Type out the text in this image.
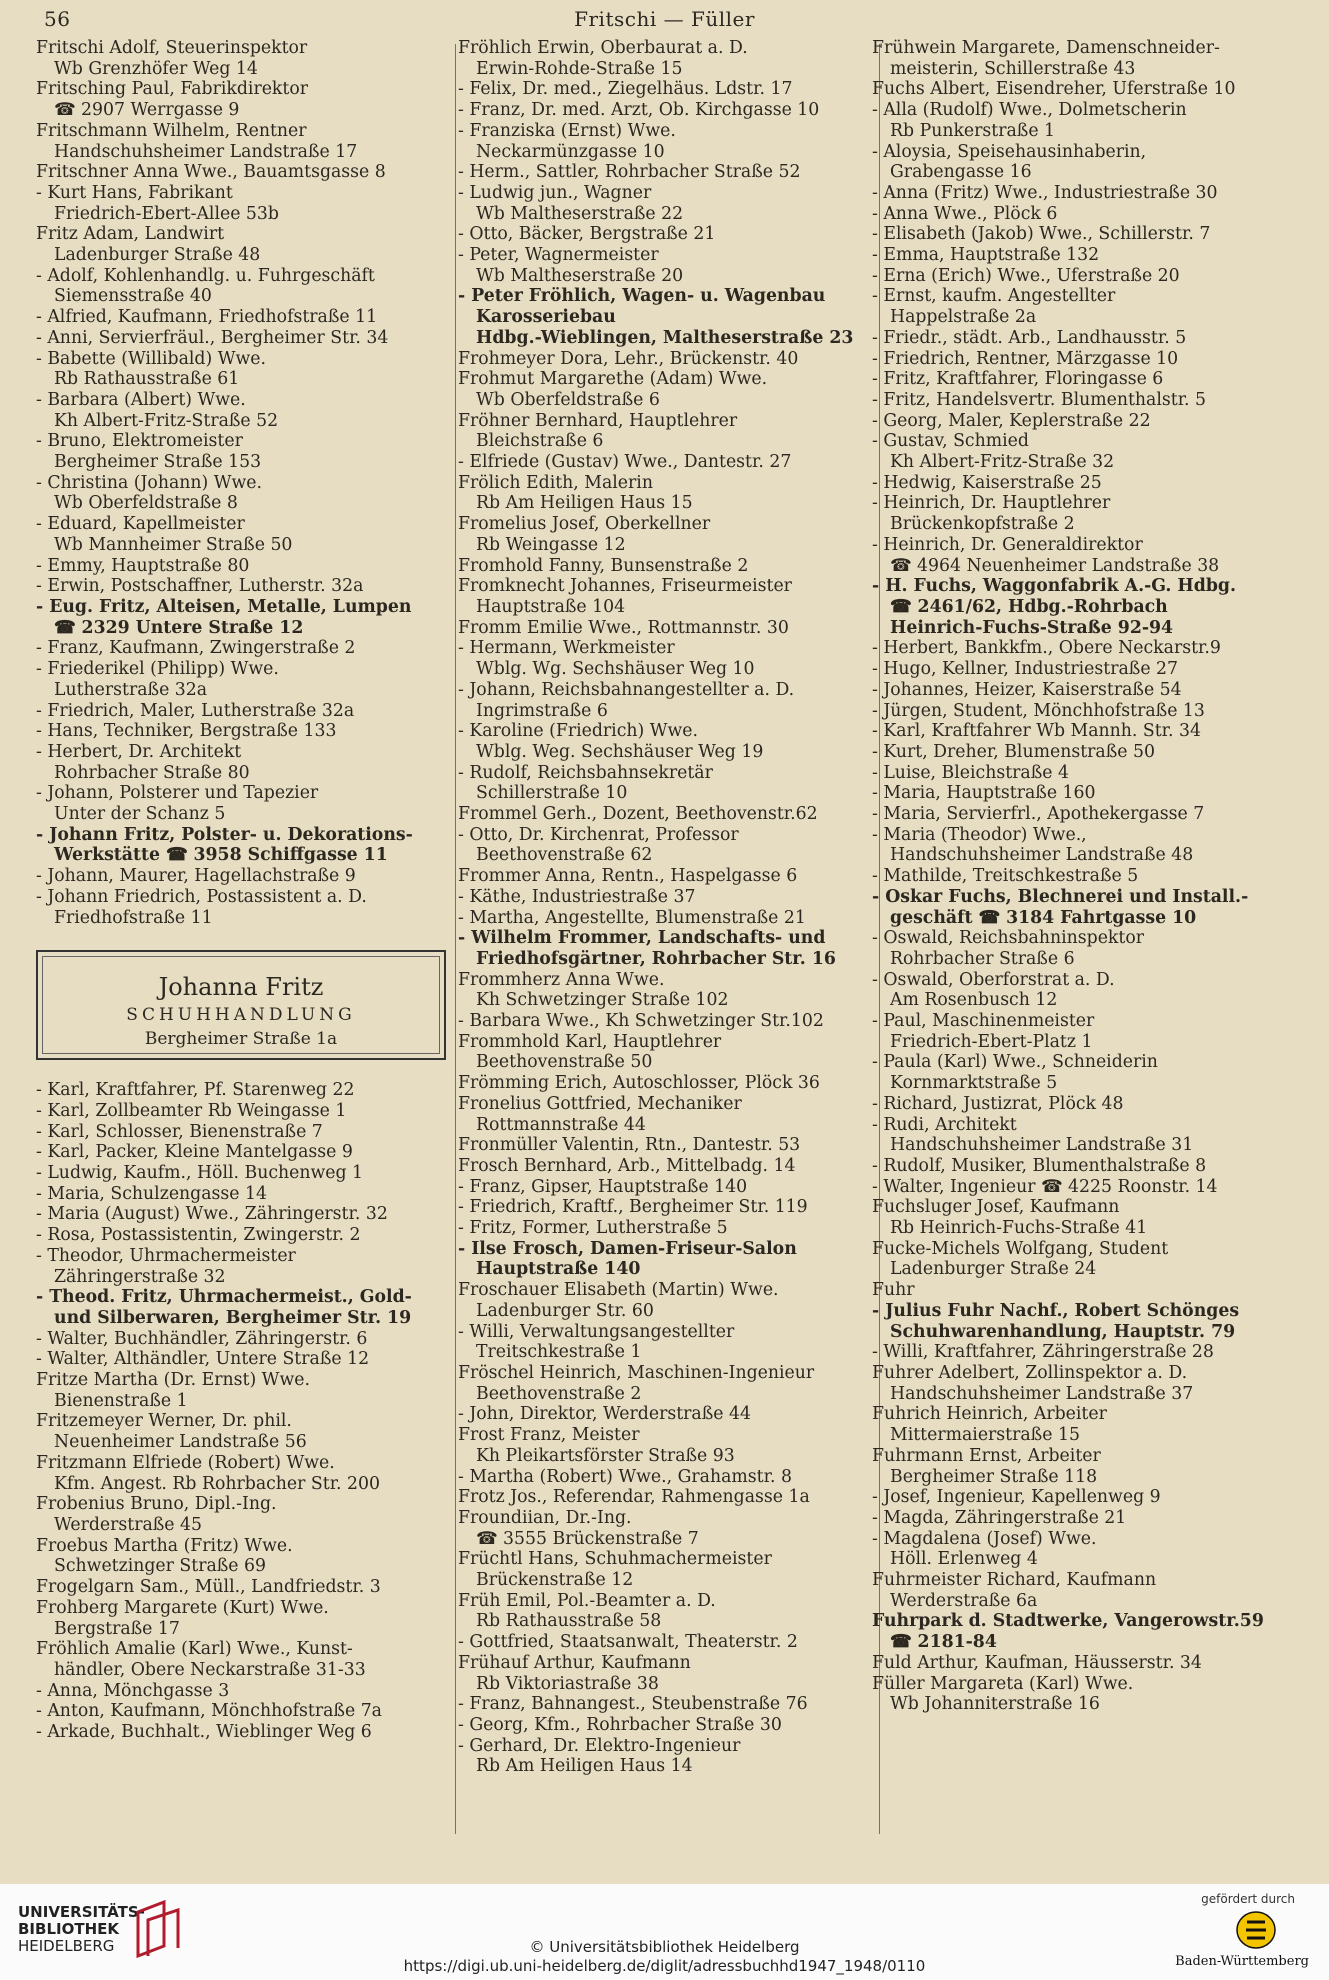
56	Fritschi — Füller
Fritschi Adolf, Steuerinspektor
Wb Grenzhöfer Weg 14
Fritsching Paul, Fabrikdirektor
☎ 2907 Werrgasse 9
Fritschmann Wilhelm, Rentner
Handschuhsheimer Landstraße 17
Fritschner Anna Wwe., Bauamtsgasse 8
- Kurt Hans, Fabrikant
Friedrich-Ebert-Allee 53b
Fritz Adam, Landwirt
Ladenburger Straße 48
- Adolf, Kohlenhandlg. u. Fuhrgeschäft
Siemensstraße 40
- Alfried, Kaufmann, Friedhofstraße 11
- Anni, Servierfräul., Bergheimer Str. 34
- Babette (Willibald) Wwe.
Rb Rathausstraße 61
- Barbara (Albert) Wwe.
Kh Albert-Fritz-Straße 52
- Bruno, Elektromeister
Bergheimer Straße 153
- Christina (Johann) Wwe.
Wb Oberfeldstraße 8
- Eduard, Kapellmeister
Wb Mannheimer Straße 50
- Emmy, Hauptstraße 80
- Erwin, Postschaffner, Lutherstr. 32a
- Eug. Fritz, Alteisen, Metalle, Lumpen
☎ 2329 Untere Straße 12
- Franz, Kaufmann, Zwingerstraße 2
- Friederikel (Philipp) Wwe.
Lutherstraße 32a
- Friedrich, Maler, Lutherstraße 32a
- Hans, Techniker, Bergstraße 133
- Herbert, Dr. Architekt
Rohrbacher Straße 80
- Johann, Polsterer und Tapezier
Unter der Schanz 5
- Johann Fritz, Polster- u. Dekorations-
Werkstätte ☎ 3958 Schiffgasse 11
- Johann, Maurer, Hagellachstraße 9
- Johann Friedrich, Postassistent a. D.
Friedhofstraße 11
Johanna Fritz
SCHUHHANDLUNG
Bergheimer Straße 1a
- Karl, Kraftfahrer, Pf. Starenweg 22
- Karl, Zollbeamter Rb Weingasse 1
- Karl, Schlosser, Bienenstraße 7
- Karl, Packer, Kleine Mantelgasse 9
- Ludwig, Kaufm., Höll. Buchenweg 1
- Maria, Schulzengasse 14
- Maria (August) Wwe., Zähringerstr. 32
- Rosa, Postassistentin, Zwingerstr. 2
- Theodor, Uhrmachermeister
Zähringerstraße 32
- Theod. Fritz, Uhrmachermeist., Gold-
und Silberwaren, Bergheimer Str. 19
- Walter, Buchhändler, Zähringerstr. 6
- Walter, Althändler, Untere Straße 12
Fritze Martha (Dr. Ernst) Wwe.
Bienenstraße 1
Fritzemeyer Werner, Dr. phil.
Neuenheimer Landstraße 56
Fritzmann Elfriede (Robert) Wwe.
Kfm. Angest. Rb Rohrbacher Str. 200
Frobenius Bruno, Dipl.-Ing.
Werderstraße 45
Froebus Martha (Fritz) Wwe.
Schwetzinger Straße 69
Frogelgarn Sam., Müll., Landfriedstr. 3
Frohberg Margarete (Kurt) Wwe.
Bergstraße 17
Fröhlich Amalie (Karl) Wwe., Kunst-
händler, Obere Neckarstraße 31-33
- Anna, Mönchgasse 3
- Anton, Kaufmann, Mönchhofstraße 7a
- Arkade, Buchhalt., Wieblinger Weg 6
Fröhlich Erwin, Oberbaurat a. D.
Erwin-Rohde-Straße 15
- Felix, Dr. med., Ziegelhäus. Ldstr. 17
- Franz, Dr. med. Arzt, Ob. Kirchgasse 10
- Franziska (Ernst) Wwe.
Neckarmünzgasse 10
- Herm., Sattler, Rohrbacher Straße 52
- Ludwig jun., Wagner
Wb Maltheserstraße 22
- Otto, Bäcker, Bergstraße 21
- Peter, Wagnermeister
Wb Maltheserstraße 20
- Peter Fröhlich, Wagen- u. Wagenbau
Karosseriebau
Hdbg.-Wieblingen, Maltheserstraße 23
Frohmeyer Dora, Lehr., Brückenstr. 40
Frohmut Margarethe (Adam) Wwe.
Wb Oberfeldstraße 6
Fröhner Bernhard, Hauptlehrer
Bleichstraße 6
- Elfriede (Gustav) Wwe., Dantestr. 27
Frölich Edith, Malerin
Rb Am Heiligen Haus 15
Fromelius Josef, Oberkellner
Rb Weingasse 12
Fromhold Fanny, Bunsenstraße 2
Fromknecht Johannes, Friseurmeister
Hauptstraße 104
Fromm Emilie Wwe., Rottmannstr. 30
- Hermann, Werkmeister
Wblg. Wg. Sechshäuser Weg 10
- Johann, Reichsbahnangestellter a. D.
Ingrimstraße 6
- Karoline (Friedrich) Wwe.
Wblg. Weg. Sechshäuser Weg 19
- Rudolf, Reichsbahnsekretär
Schillerstraße 10
Frommel Gerh., Dozent, Beethovenstr.62
- Otto, Dr. Kirchenrat, Professor
Beethovenstraße 62
Frommer Anna, Rentn., Haspelgasse 6
- Käthe, Industriestraße 37
- Martha, Angestellte, Blumenstraße 21
- Wilhelm Frommer, Landschafts- und
Friedhofsgärtner, Rohrbacher Str. 16
Frommherz Anna Wwe.
Kh Schwetzinger Straße 102
- Barbara Wwe., Kh Schwetzinger Str.102
Frommhold Karl, Hauptlehrer
Beethovenstraße 50
Frömming Erich, Autoschlosser, Plöck 36
Fronelius Gottfried, Mechaniker
Rottmannstraße 44
Fronmüller Valentin, Rtn., Dantestr. 53
Frosch Bernhard, Arb., Mittelbadg. 14
- Franz, Gipser, Hauptstraße 140
- Friedrich, Kraftf., Bergheimer Str. 119
- Fritz, Former, Lutherstraße 5
- Ilse Frosch, Damen-Friseur-Salon
Hauptstraße 140
Froschauer Elisabeth (Martin) Wwe.
Ladenburger Str. 60
- Willi, Verwaltungsangestellter
Treitschkestraße 1
Fröschel Heinrich, Maschinen-Ingenieur
Beethovenstraße 2
- John, Direktor, Werderstraße 44
Frost Franz, Meister
Kh Pleikartsförster Straße 93
- Martha (Robert) Wwe., Grahamstr. 8
Frotz Jos., Referendar, Rahmengasse 1a
Froundiian, Dr.-Ing.
☎ 3555 Brückenstraße 7
Früchtl Hans, Schuhmachermeister
Brückenstraße 12
Früh Emil, Pol.-Beamter a. D.
Rb Rathausstraße 58
- Gottfried, Staatsanwalt, Theaterstr. 2
Frühauf Arthur, Kaufmann
Rb Viktoriastraße 38
- Franz, Bahnangest., Steubenstraße 76
- Georg, Kfm., Rohrbacher Straße 30
- Gerhard, Dr. Elektro-Ingenieur
Rb Am Heiligen Haus 14
Frühwein Margarete, Damenschneider-
meisterin, Schillerstraße 43
Fuchs Albert, Eisendreher, Uferstraße 10
- Alla (Rudolf) Wwe., Dolmetscherin
Rb Punkerstraße 1
- Aloysia, Speisehausinhaberin,
Grabengasse 16
- Anna (Fritz) Wwe., Industriestraße 30
- Anna Wwe., Plöck 6
- Elisabeth (Jakob) Wwe., Schillerstr. 7
- Emma, Hauptstraße 132
- Erna (Erich) Wwe., Uferstraße 20
- Ernst, kaufm. Angestellter
Happelstraße 2a
- Friedr., städt. Arb., Landhausstr. 5
- Friedrich, Rentner, Märzgasse 10
- Fritz, Kraftfahrer, Floringasse 6
- Fritz, Handelsvertr. Blumenthalstr. 5
- Georg, Maler, Keplerstraße 22
- Gustav, Schmied
Kh Albert-Fritz-Straße 32
- Hedwig, Kaiserstraße 25
- Heinrich, Dr. Hauptlehrer
Brückenkopfstraße 2
- Heinrich, Dr. Generaldirektor
☎ 4964 Neuenheimer Landstraße 38
- H. Fuchs, Waggonfabrik A.-G. Hdbg.
☎ 2461/62, Hdbg.-Rohrbach
Heinrich-Fuchs-Straße 92-94
- Herbert, Bankkfm., Obere Neckarstr.9
- Hugo, Kellner, Industriestraße 27
- Johannes, Heizer, Kaiserstraße 54
- Jürgen, Student, Mönchhofstraße 13
- Karl, Kraftfahrer Wb Mannh. Str. 34
- Kurt, Dreher, Blumenstraße 50
- Luise, Bleichstraße 4
- Maria, Hauptstraße 160
- Maria, Servierfrl., Apothekergasse 7
- Maria (Theodor) Wwe.,
Handschuhsheimer Landstraße 48
- Mathilde, Treitschkestraße 5
- Oskar Fuchs, Blechnerei und Install.-
geschäft ☎ 3184 Fahrtgasse 10
- Oswald, Reichsbahninspektor
Rohrbacher Straße 6
- Oswald, Oberforstrat a. D.
Am Rosenbusch 12
- Paul, Maschinenmeister
Friedrich-Ebert-Platz 1
- Paula (Karl) Wwe., Schneiderin
Kornmarktstraße 5
- Richard, Justizrat, Plöck 48
- Rudi, Architekt
Handschuhsheimer Landstraße 31
- Rudolf, Musiker, Blumenthalstraße 8
- Walter, Ingenieur ☎ 4225 Roonstr. 14
Fuchsluger Josef, Kaufmann
Rb Heinrich-Fuchs-Straße 41
Fucke-Michels Wolfgang, Student
Ladenburger Straße 24
Fuhr
- Julius Fuhr Nachf., Robert Schönges
Schuhwarenhandlung, Hauptstr. 79
- Willi, Kraftfahrer, Zähringerstraße 28
Fuhrer Adelbert, Zollinspektor a. D.
Handschuhsheimer Landstraße 37
Fuhrich Heinrich, Arbeiter
Mittermaierstraße 15
Fuhrmann Ernst, Arbeiter
Bergheimer Straße 118
- Josef, Ingenieur, Kapellenweg 9
- Magda, Zähringerstraße 21
- Magdalena (Josef) Wwe.
Höll. Erlenweg 4
Fuhrmeister Richard, Kaufmann
Werderstraße 6a
Fuhrpark d. Stadtwerke, Vangerowstr.59
☎ 2181-84
Fuld Arthur, Kaufman, Häusserstr. 34
Füller Margareta (Karl) Wwe.
Wb Johanniterstraße 16
UNIVERSITÄTS-
BIBLIOTHEK
HEIDELBERG	© Universitätsbibliothek Heidelberg
https://digi.ub.uni-heidelberg.de/diglit/adressbuchhd1947_1948/0110
gefördert durch
Baden-Württemberg
